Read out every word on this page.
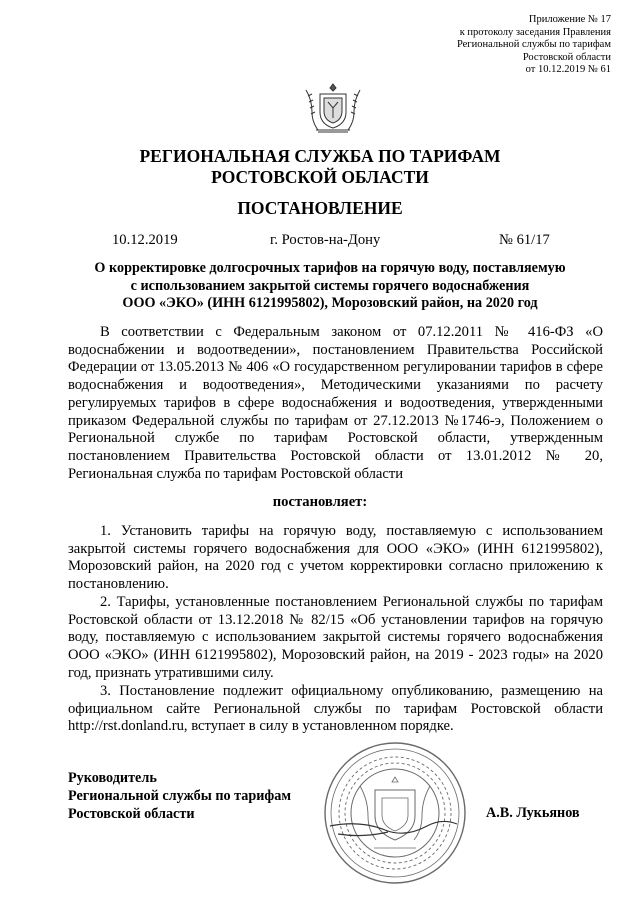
Приложение № 17
к протоколу заседания Правления
Региональной службы по тарифам
Ростовской области
от 10.12.2019 № 61
РЕГИОНАЛЬНАЯ СЛУЖБА ПО ТАРИФАМ
РОСТОВСКОЙ ОБЛАСТИ
ПОСТАНОВЛЕНИЕ
10.12.2019	г. Ростов-на-Дону	№ 61/17
О корректировке долгосрочных тарифов на горячую воду, поставляемую
с использованием закрытой системы горячего водоснабжения
ООО «ЭКО» (ИНН 6121995802), Морозовский район, на 2020 год
В соответствии с Федеральным законом от 07.12.2011 № 416-ФЗ «О водоснабжении и водоотведении», постановлением Правительства Российской Федерации от 13.05.2013 № 406 «О государственном регулировании тарифов в сфере водоснабжения и водоотведения», Методическими указаниями по расчету регулируемых тарифов в сфере водоснабжения и водоотведения, утвержденными приказом Федеральной службы по тарифам от 27.12.2013 №1746-э, Положением о Региональной службе по тарифам Ростовской области, утвержденным постановлением Правительства Ростовской области от 13.01.2012 № 20, Региональная служба по тарифам Ростовской области
постановляет:
1. Установить тарифы на горячую воду, поставляемую с использованием закрытой системы горячего водоснабжения для ООО «ЭКО» (ИНН 6121995802), Морозовский район, на 2020 год с учетом корректировки согласно приложению к постановлению.
2. Тарифы, установленные постановлением Региональной службы по тарифам Ростовской области от 13.12.2018 № 82/15 «Об установлении тарифов на горячую воду, поставляемую с использованием закрытой системы горячего водоснабжения ООО «ЭКО» (ИНН 6121995802), Морозовский район, на 2019 - 2023 годы» на 2020 год, признать утратившими силу.
3. Постановление подлежит официальному опубликованию, размещению на официальном сайте Региональной службы по тарифам Ростовской области http://rst.donland.ru, вступает в силу в установленном порядке.
Руководитель
Региональной службы по тарифам
Ростовской области	А.В. Лукьянов
